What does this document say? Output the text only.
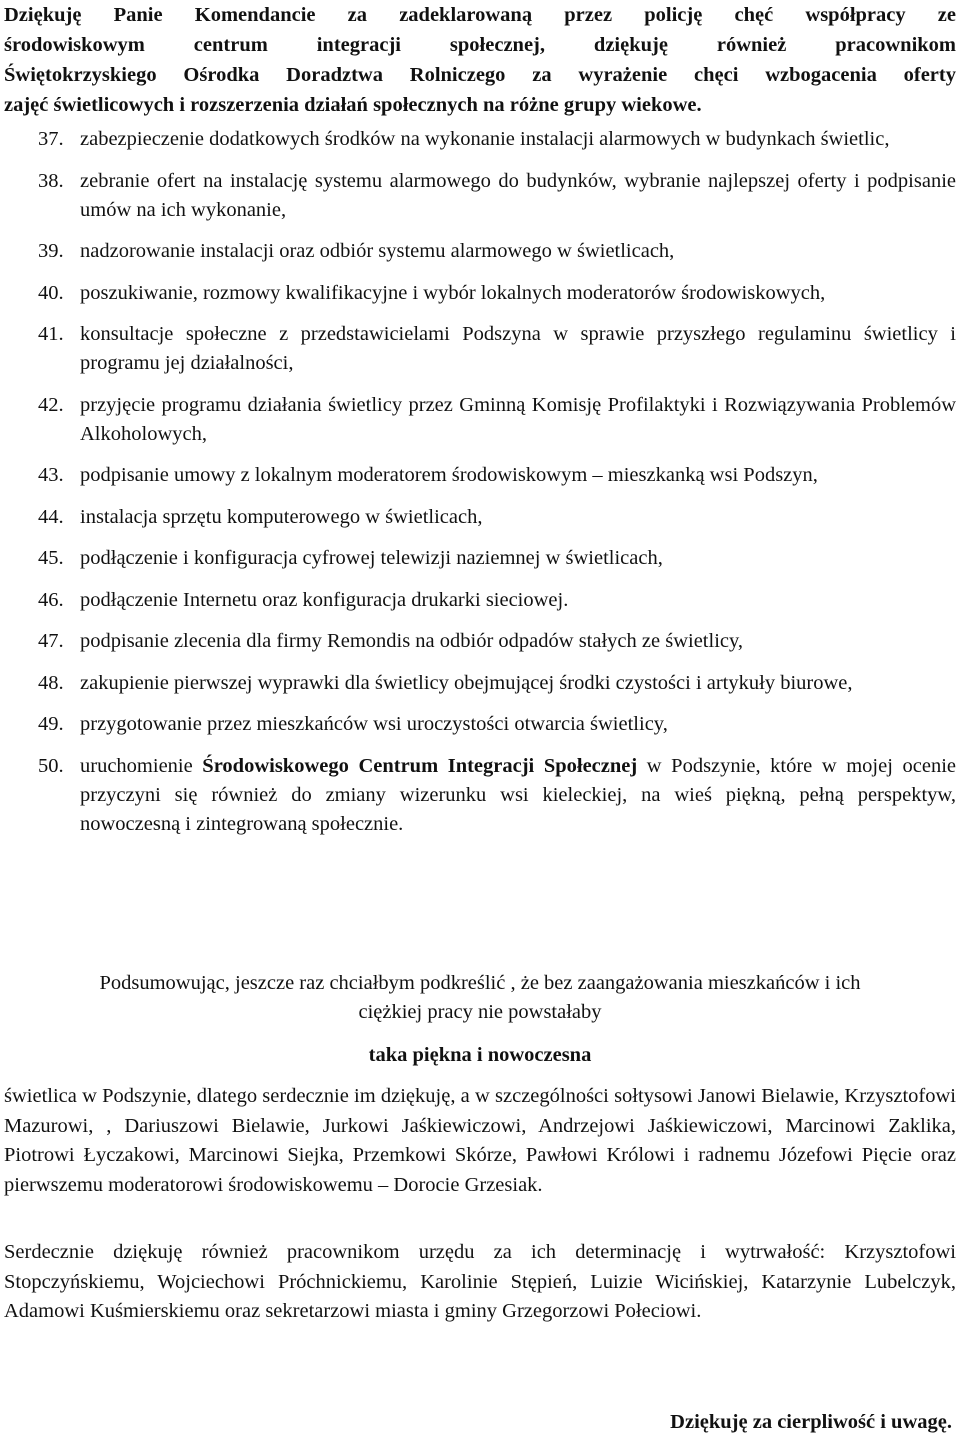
Dziękuję Panie Komendancie za zadeklarowaną przez policję chęć współpracy ze
środowiskowym centrum integracji społecznej, dziękuję również pracownikom
Świętokrzyskiego Ośrodka Doradztwa Rolniczego za wyrażenie chęci wzbogacenia oferty
zajęć świetlicowych i rozszerzenia działań społecznych na różne grupy wiekowe.
37. zabezpieczenie dodatkowych środków na wykonanie instalacji alarmowych w budynkach świetlic,
38. zebranie ofert na instalację systemu alarmowego do budynków, wybranie najlepszej oferty i podpisanie umów na ich wykonanie,
39. nadzorowanie instalacji oraz odbiór systemu alarmowego w świetlicach,
40. poszukiwanie, rozmowy kwalifikacyjne i wybór lokalnych moderatorów środowiskowych,
41. konsultacje społeczne z przedstawicielami Podszyna w sprawie przyszłego regulaminu świetlicy i programu jej działalności,
42. przyjęcie programu działania świetlicy przez Gminną Komisję Profilaktyki i Rozwiązywania Problemów Alkoholowych,
43. podpisanie umowy z lokalnym moderatorem środowiskowym – mieszkanką wsi Podszyn,
44. instalacja sprzętu komputerowego w świetlicach,
45. podłączenie i konfiguracja cyfrowej telewizji naziemnej w świetlicach,
46. podłączenie Internetu oraz konfiguracja drukarki sieciowej.
47. podpisanie zlecenia dla firmy Remondis na odbiór odpadów stałych ze świetlicy,
48. zakupienie pierwszej wyprawki dla świetlicy obejmującej środki czystości i artykuły biurowe,
49. przygotowanie przez mieszkańców wsi uroczystości otwarcia świetlicy,
50. uruchomienie Środowiskowego Centrum Integracji Społecznej w Podszynie, które w mojej ocenie przyczyni się również do zmiany wizerunku wsi kieleckiej, na wieś piękną, pełną perspektyw, nowoczesną i zintegrowaną społecznie.
Podsumowując, jeszcze raz chciałbym podkreślić , że bez zaangażowania mieszkańców i ich
ciężkiej pracy nie powstałaby
taka piękna i nowoczesna
świetlica w Podszynie, dlatego serdecznie im dziękuję, a w szczególności sołtysowi Janowi Bielawie, Krzysztofowi Mazurowi, , Dariuszowi Bielawie, Jurkowi Jaśkiewiczowi, Andrzejowi Jaśkiewiczowi, Marcinowi Zaklika, Piotrowi Łyczakowi, Marcinowi Siejka, Przemkowi Skórze, Pawłowi Królowi i radnemu Józefowi Pięcie oraz pierwszemu moderatorowi środowiskowemu – Dorocie Grzesiak.
Serdecznie dziękuję również pracownikom urzędu za ich determinację i wytrwałość: Krzysztofowi Stopczyńskiemu, Wojciechowi Próchnickiemu, Karolinie Stępień, Luizie Wicińskiej, Katarzynie Lubelczyk, Adamowi Kuśmierskiemu oraz sekretarzowi miasta i gminy Grzegorzowi Połeciowi.
Dziękuję za cierpliwość i uwagę.
